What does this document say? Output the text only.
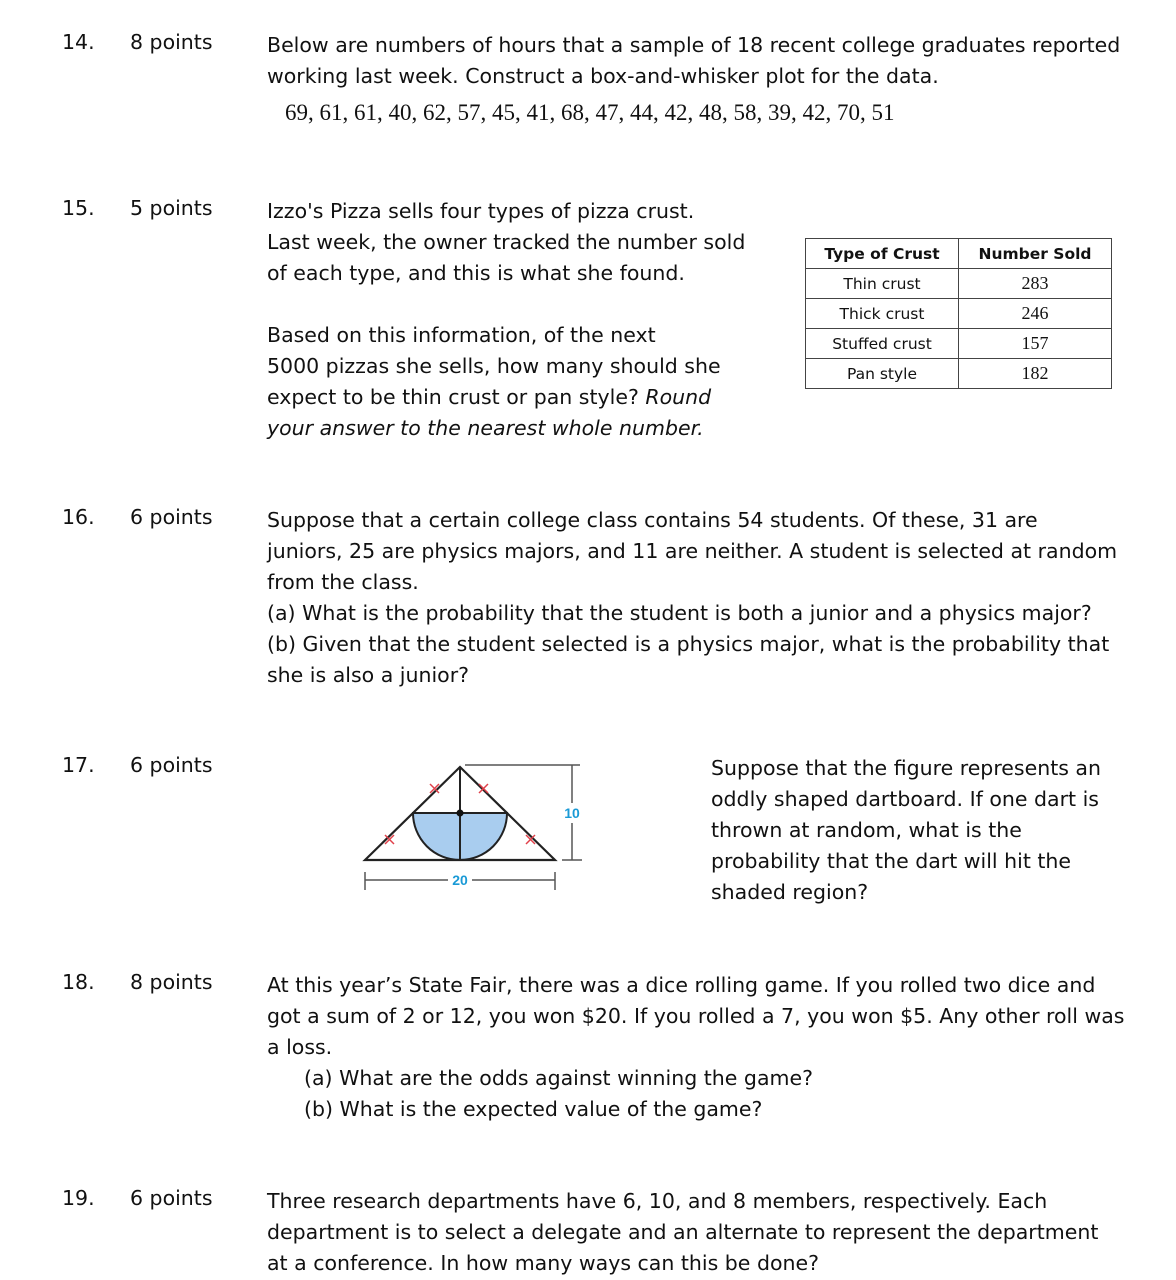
14. 8 points	Below are numbers of hours that a sample of 18 recent college graduates reported

working last week. Construct a box-and-whisker plot for the data.

69, 61, 61, 40, 62, 57, 45, 41, 68, 47, 44, 42, 48, 58, 39, 42, 70, 51

15. 5 points	Izzo's Pizza sells four types of pizza crust.

Last week, the owner tracked the number sold

of each type, and this is what she found.

Based on this information, of the next

5000 pizzas she sells, how many should she

expect to be thin crust or pan style? Round

your answer to the nearest whole number.

Type of Crust	Number Sold
Thin crust	283
Thick crust	246
Stuffed crust	157
Pan style	182
16. 6 points	Suppose that a certain college class contains 54 students. Of these, 31 are

juniors, 25 are physics majors, and 11 are neither. A student is selected at random

from the class.

(a) What is the probability that the student is both a junior and a physics major?

(b) Given that the student selected is a physics major, what is the probability that

she is also a junior?

17. 6 points	Suppose that the figure represents an

oddly shaped dartboard. If one dart is

thrown at random, what is the

probability that the dart will hit the

shaded region?

10
20
18. 8 points	At this year’s State Fair, there was a dice rolling game. If you rolled two dice and

got a sum of 2 or 12, you won $20. If you rolled a 7, you won $5. Any other roll was

a loss.

(a) What are the odds against winning the game?

(b) What is the expected value of the game?

19. 6 points	Three research departments have 6, 10, and 8 members, respectively. Each

department is to select a delegate and an alternate to represent the department

at a conference. In how many ways can this be done?
